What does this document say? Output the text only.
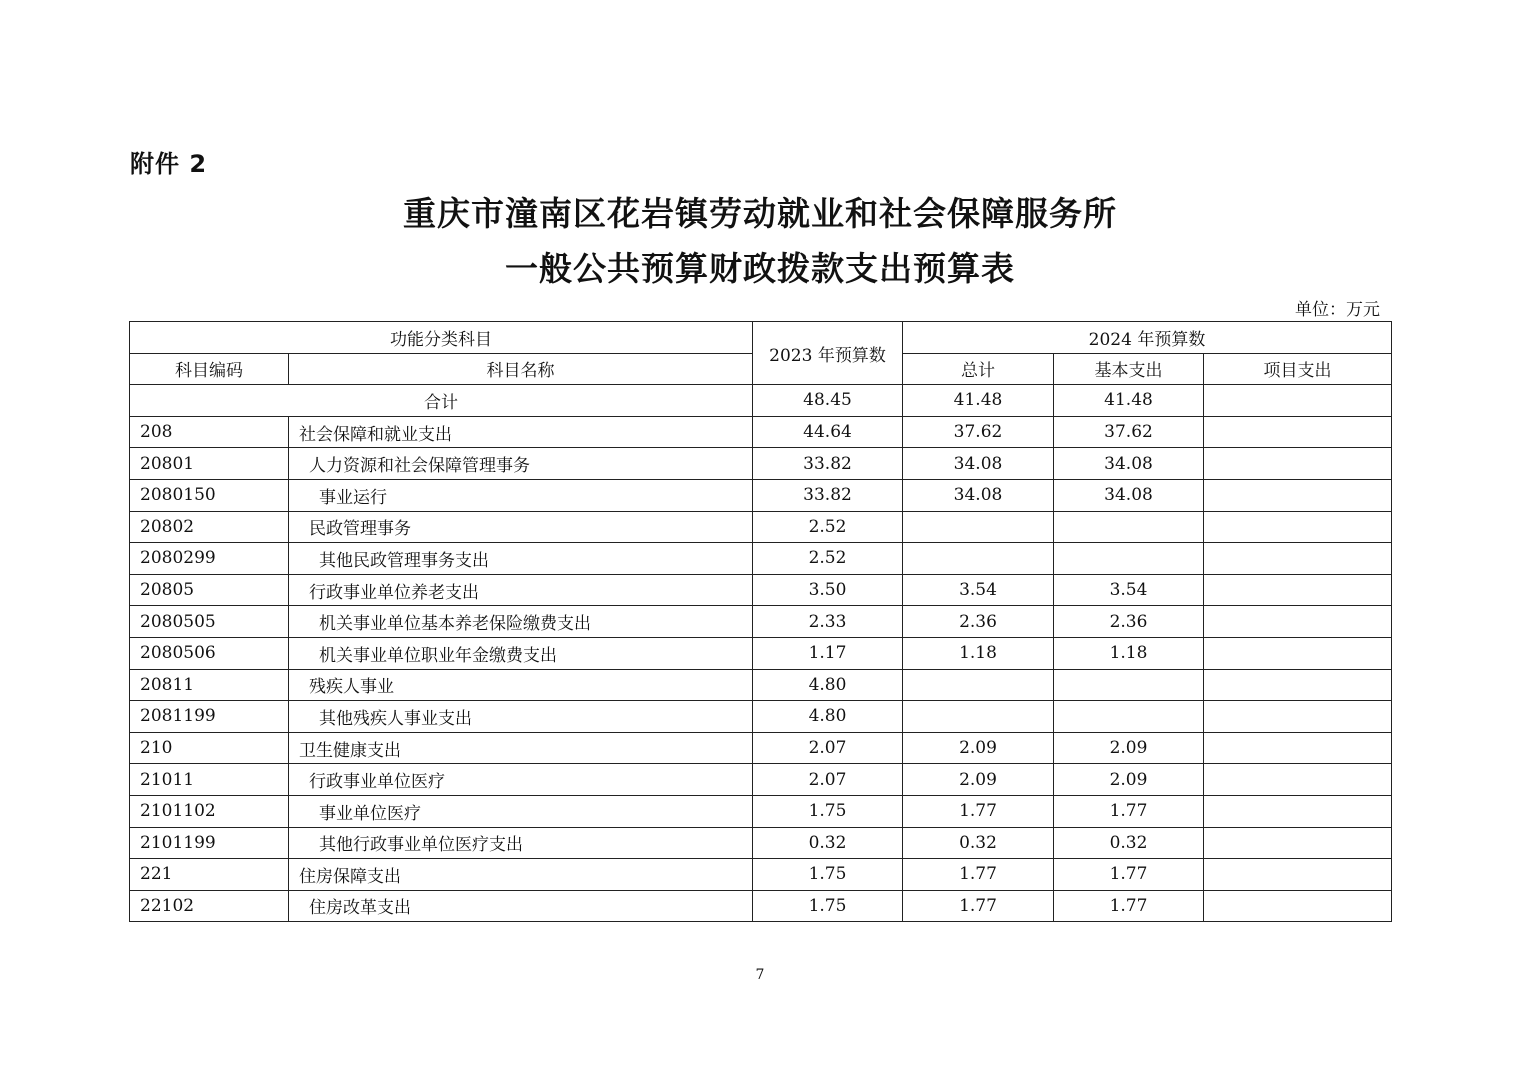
附件 2
重庆市潼南区花岩镇劳动就业和社会保障服务所
一般公共预算财政拨款支出预算表
单位：万元
功能分类科目		2023 年预算数	2024 年预算数		
科目编码	科目名称		总计	基本支出	项目支出
合计		48.45	41.48	41.48	
208	社会保障和就业支出	44.64	37.62	37.62	
20801	人力资源和社会保障管理事务	33.82	34.08	34.08	
2080150	事业运行	33.82	34.08	34.08	
20802	民政管理事务	2.52			
2080299	其他民政管理事务支出	2.52			
20805	行政事业单位养老支出	3.50	3.54	3.54	
2080505	机关事业单位基本养老保险缴费支出	2.33	2.36	2.36	
2080506	机关事业单位职业年金缴费支出	1.17	1.18	1.18	
20811	残疾人事业	4.80			
2081199	其他残疾人事业支出	4.80			
210	卫生健康支出	2.07	2.09	2.09	
21011	行政事业单位医疗	2.07	2.09	2.09	
2101102	事业单位医疗	1.75	1.77	1.77	
2101199	其他行政事业单位医疗支出	0.32	0.32	0.32	
221	住房保障支出	1.75	1.77	1.77	
22102	住房改革支出	1.75	1.77	1.77	
7
